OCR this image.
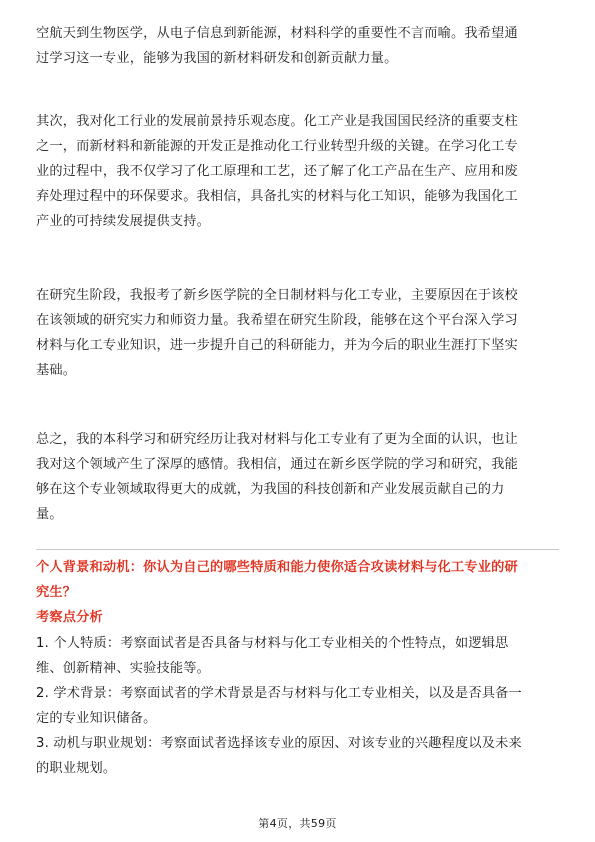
空航天到生物医学，从电子信息到新能源，材料科学的重要性不言而喻。我希望通
过学习这一专业，能够为我国的新材料研发和创新贡献力量。
其次，我对化工行业的发展前景持乐观态度。化工产业是我国国民经济的重要支柱
之一，而新材料和新能源的开发正是推动化工行业转型升级的关键。在学习化工专
业的过程中，我不仅学习了化工原理和工艺，还了解了化工产品在生产、应用和废
弃处理过程中的环保要求。我相信，具备扎实的材料与化工知识，能够为我国化工
产业的可持续发展提供支持。
在研究生阶段，我报考了新乡医学院的全日制材料与化工专业，主要原因在于该校
在该领域的研究实力和师资力量。我希望在研究生阶段，能够在这个平台深入学习
材料与化工专业知识，进一步提升自己的科研能力，并为今后的职业生涯打下坚实
基础。
总之，我的本科学习和研究经历让我对材料与化工专业有了更为全面的认识，也让
我对这个领域产生了深厚的感情。我相信，通过在新乡医学院的学习和研究，我能
够在这个专业领域取得更大的成就，为我国的科技创新和产业发展贡献自己的力
量。
个人背景和动机：你认为自己的哪些特质和能力使你适合攻读材料与化工专业的研
究生？
考察点分析
1. 个人特质：考察面试者是否具备与材料与化工专业相关的个性特点，如逻辑思
维、创新精神、实验技能等。
2. 学术背景：考察面试者的学术背景是否与材料与化工专业相关，以及是否具备一
定的专业知识储备。
3. 动机与职业规划：考察面试者选择该专业的原因、对该专业的兴趣程度以及未来
的职业规划。
第4页，共59页
